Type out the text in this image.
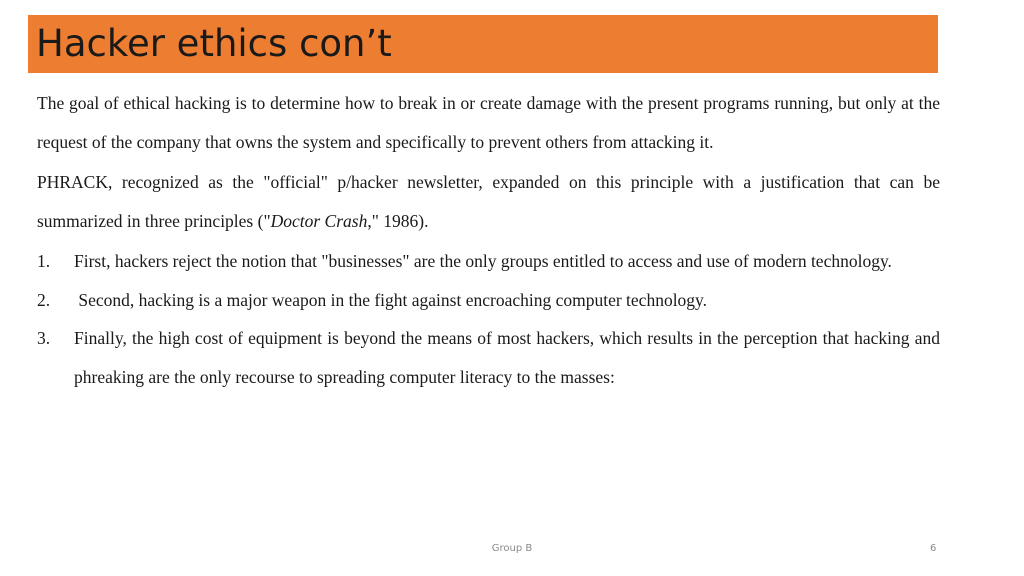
Hacker ethics con’t

The goal of ethical hacking is to determine how to break in or create damage with the present programs running, but only at the request of the company that owns the system and specifically to prevent others from attacking it.

PHRACK, recognized as the "official" p/hacker newsletter, expanded on this principle with a justification that can be summarized in three principles ("Doctor Crash," 1986).

1. First, hackers reject the notion that "businesses" are the only groups entitled to access and use of modern technology.
2. Second, hacking is a major weapon in the fight against encroaching computer technology.
3. Finally, the high cost of equipment is beyond the means of most hackers, which results in the perception that hacking and phreaking are the only recourse to spreading computer literacy to the masses:
Group B	6
